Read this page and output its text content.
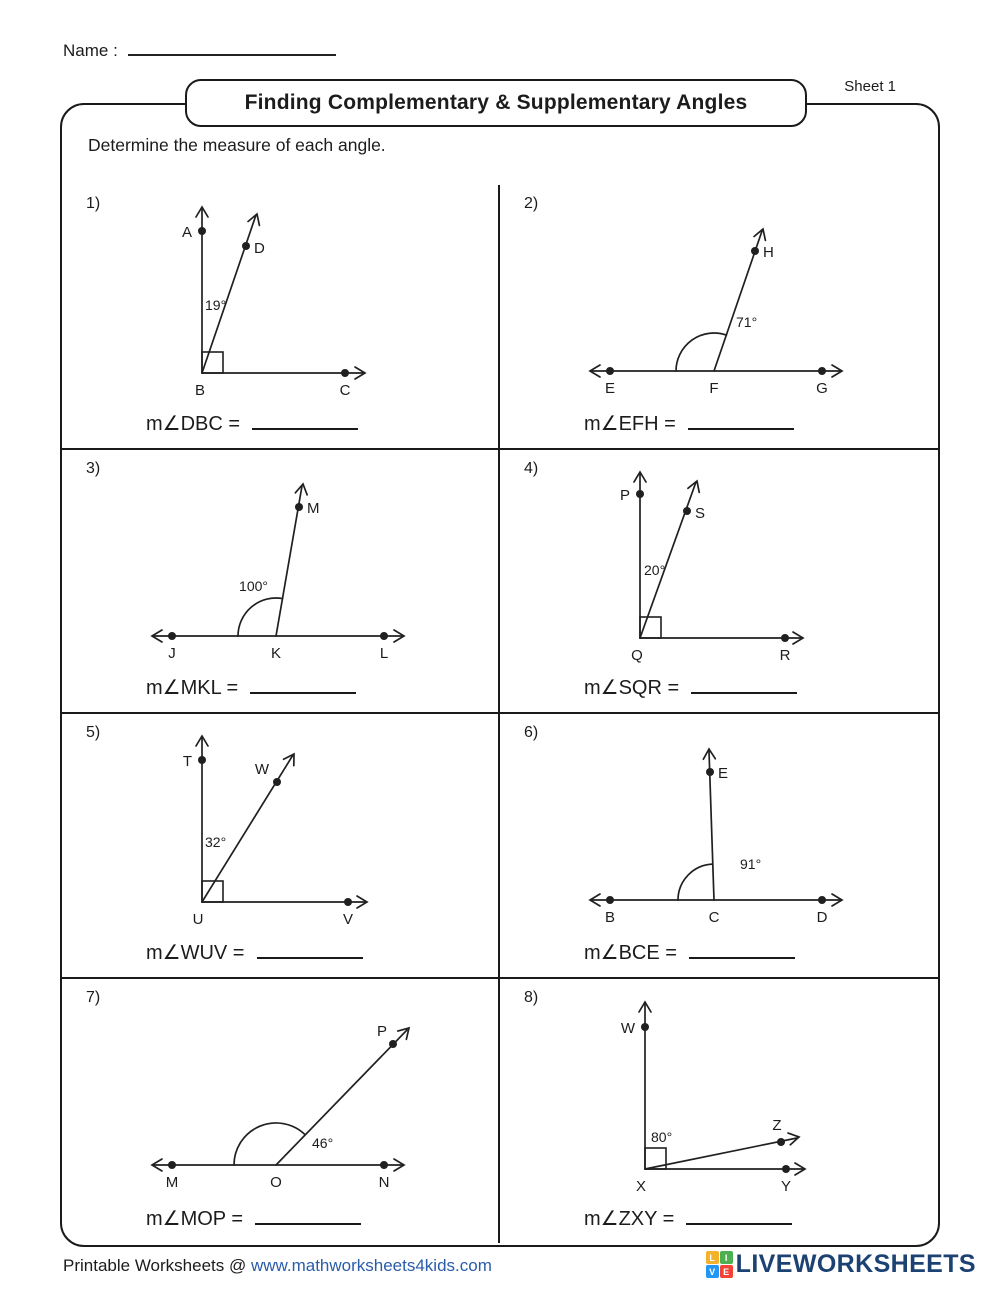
Name :
Sheet 1
Finding Complementary & Supplementary Angles
Determine the measure of each angle.
1)
A
D
C
19°
B
m∠DBC =
2)
E	F	G
H
71°
m∠EFH =
3)
J	K	L
M
100°
m∠MKL =
4)
P
S
R
20°
Q
m∠SQR =
5)
T	W
V
32°
U
m∠WUV =
6)
B	C	D
E
91°
m∠BCE =
7)
M	O	N
P
46°
m∠MOP =
8)
W
Y
Z
80°
X
m∠ZXY =
Printable Worksheets @ www.mathworksheets4kids.com	L	I
V E LIVEWORKSHEETS
